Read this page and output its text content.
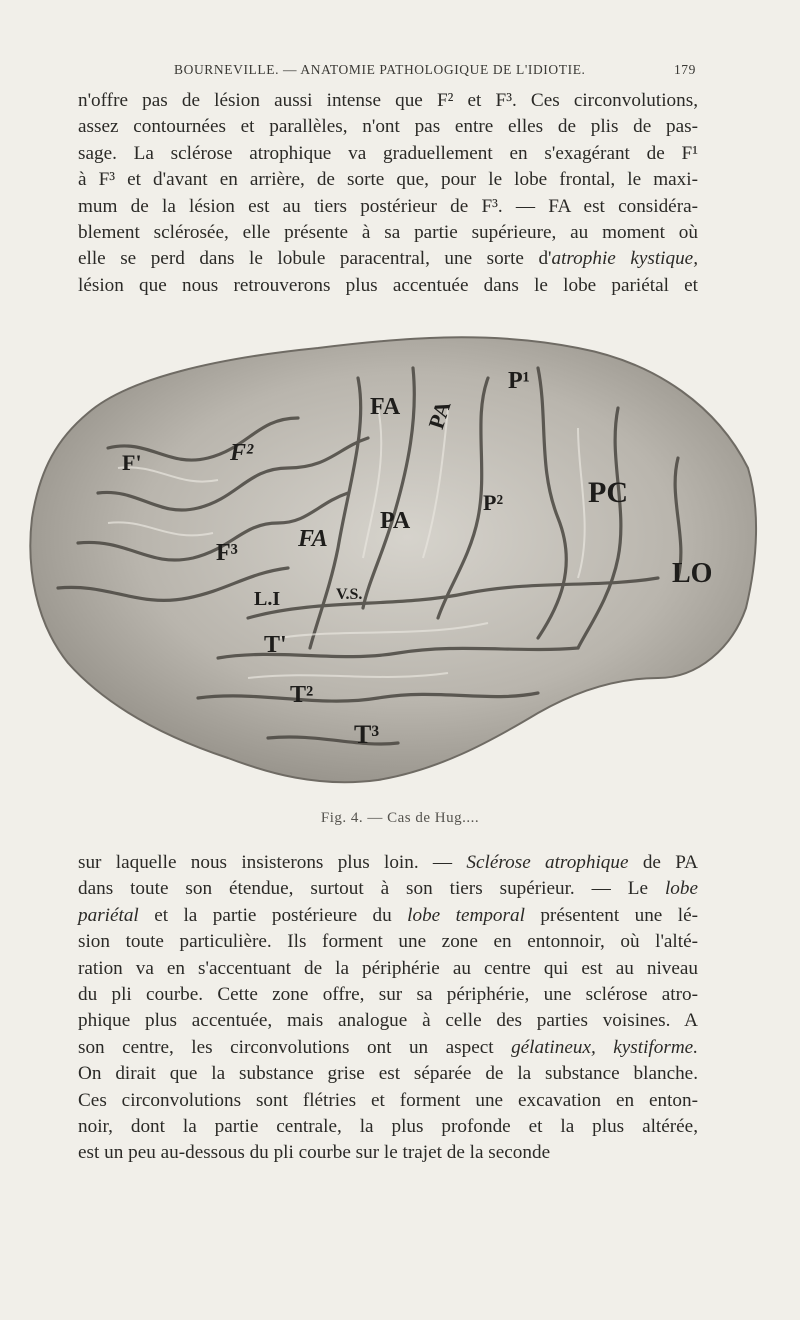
BOURNEVILLE. — ANATOMIE PATHOLOGIQUE DE L'IDIOTIE.	179
n'offre pas de lésion aussi intense que F² et F³. Ces circonvolutions,
assez contournées et parallèles, n'ont pas entre elles de plis de pas-
sage. La sclérose atrophique va graduellement en s'exagérant de F¹
à F³ et d'avant en arrière, de sorte que, pour le lobe frontal, le maxi-
mum de la lésion est au tiers postérieur de F³. — FA est considéra-
blement sclérosée, elle présente à sa partie supérieure, au moment où
elle se perd dans le lobule paracentral, une sorte d'atrophie kystique,
lésion que nous retrouverons plus accentuée dans le lobe pariétal et
F'	F²
F³
FA
FA
PA
PA
P¹
P²	PC
LO
L.I	V.S.
T'
T²
T³
Fig. 4. — Cas de Hug....
sur laquelle nous insisterons plus loin. — Sclérose atrophique de PA
dans toute son étendue, surtout à son tiers supérieur. — Le lobe
pariétal et la partie postérieure du lobe temporal présentent une lé-
sion toute particulière. Ils forment une zone en entonnoir, où l'alté-
ration va en s'accentuant de la périphérie au centre qui est au niveau
du pli courbe. Cette zone offre, sur sa périphérie, une sclérose atro-
phique plus accentuée, mais analogue à celle des parties voisines. A
son centre, les circonvolutions ont un aspect gélatineux, kystiforme.
On dirait que la substance grise est séparée de la substance blanche.
Ces circonvolutions sont flétries et forment une excavation en enton-
noir, dont la partie centrale, la plus profonde et la plus altérée,
est un peu au-dessous du pli courbe sur le trajet de la seconde
